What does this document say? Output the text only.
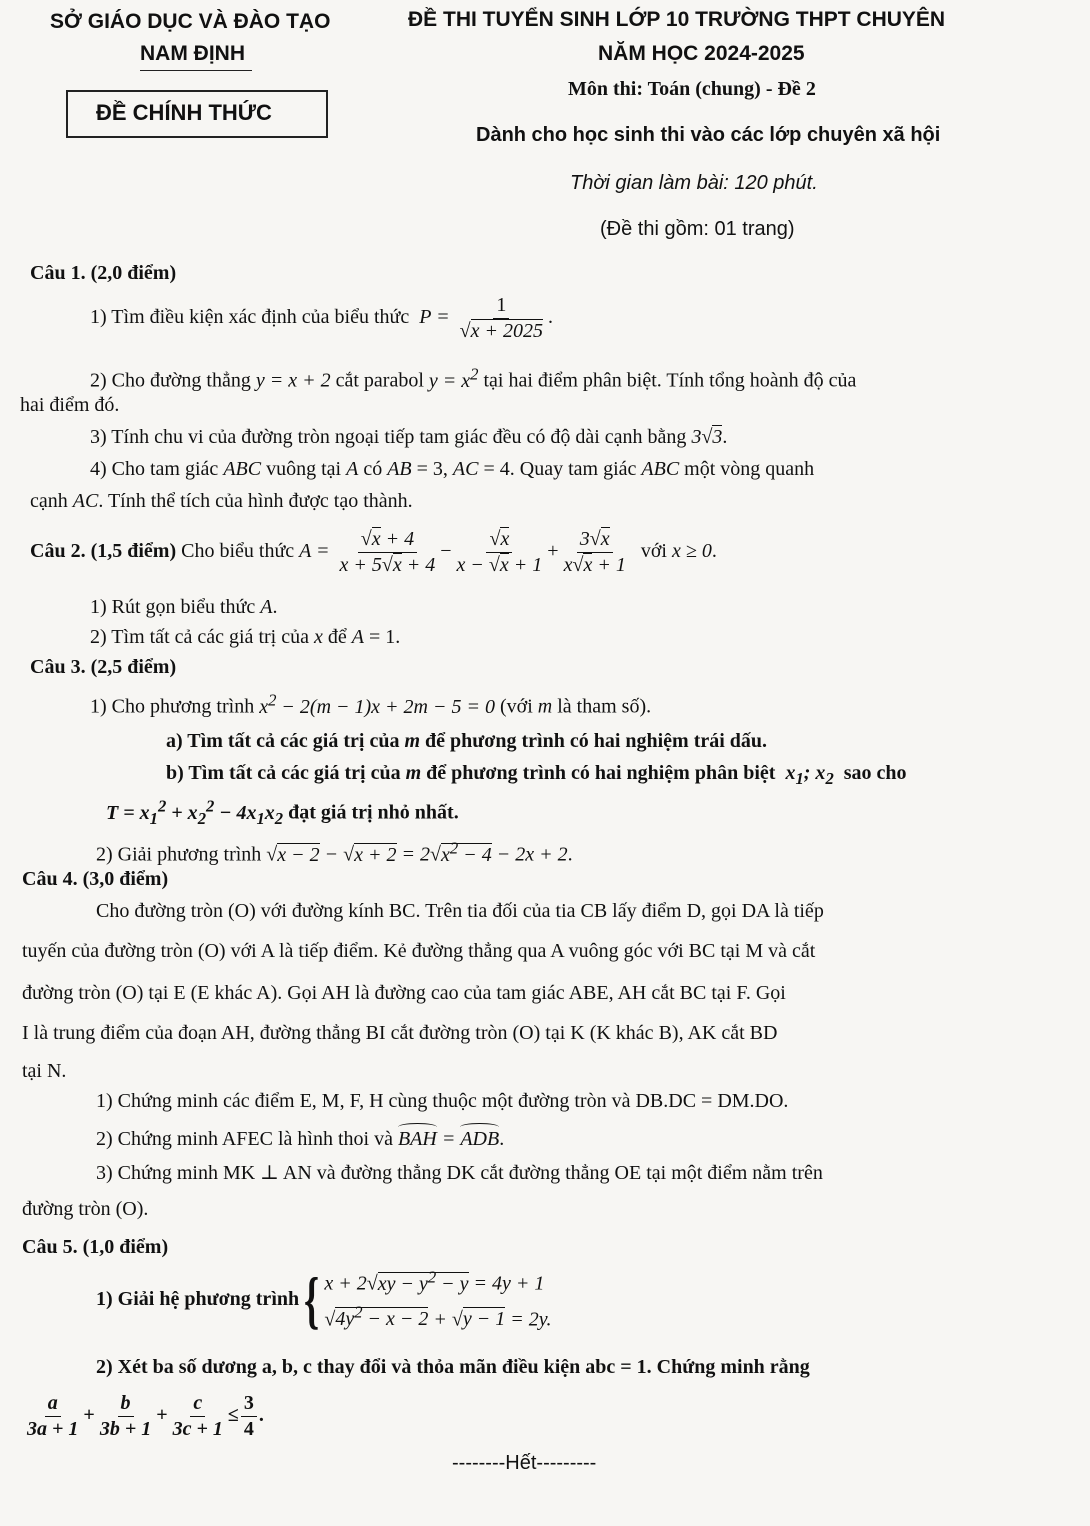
SỞ GIÁO DỤC VÀ ĐÀO TẠO
NAM ĐỊNH
ĐỀ CHÍNH THỨC
ĐỀ THI TUYỂN SINH LỚP 10 TRƯỜNG THPT CHUYÊN
NĂM HỌC 2024-2025
Môn thi: Toán (chung) - Đề 2
Dành cho học sinh thi vào các lớp chuyên xã hội
Thời gian làm bài: 120 phút.
(Đề thi gồm: 01 trang)
Câu 1. (2,0 điểm)
1) Tìm điều kiện xác định của biểu thức  $P = \frac{1}{√x + 2025}$ .
2) Cho đường thẳng y = x + 2 cắt parabol $y = x^2$ tại hai điểm phân biệt. Tính tổng hoành độ của
hai điểm đó.
3) Tính chu vi của đường tròn ngoại tiếp tam giác đều có độ dài cạnh bằng 3√3.
4) Cho tam giác ABC vuông tại A có AB = 3, AC = 4. Quay tam giác ABC một vòng quanh
cạnh AC. Tính thể tích của hình được tạo thành.
Câu 2. (1,5 điểm) Cho biểu thức $A = \frac{√x + 4}{x + 5√x + 4} - \frac{√x}{x - √x + 1} + \frac{3√x}{x√x + 1}$ với x ≥ 0.
1) Rút gọn biểu thức A.
2) Tìm tất cả các giá trị của x để A = 1.
Câu 3. (2,5 điểm)
1) Cho phương trình $x^2 - 2(m - 1)x + 2m - 5 = 0$ (với m là tham số).
a) Tìm tất cả các giá trị của m để phương trình có hai nghiệm trái dấu.
b) Tìm tất cả các giá trị của m để phương trình có hai nghiệm phân biệt $x_1$; $x_2$ sao cho
$T = x_1^2 + x_2^2 - 4x_1x_2$ đạt giá trị nhỏ nhất.
2) Giải phương trình $√x - 2 - √x + 2 = 2√x^2 - 4 - 2x + 2$.
Câu 4. (3,0 điểm)
Cho đường tròn (O) với đường kính BC. Trên tia đối của tia CB lấy điểm D, gọi DA là tiếp
tuyến của đường tròn (O) với A là tiếp điểm. Kẻ đường thẳng qua A vuông góc với BC tại M và cắt
đường tròn (O) tại E (E khác A). Gọi AH là đường cao của tam giác ABE, AH cắt BC tại F. Gọi
I là trung điểm của đoạn AH, đường thẳng BI cắt đường tròn (O) tại K (K khác B), AK cắt BD
tại N.
1) Chứng minh các điểm E, M, F, H cùng thuộc một đường tròn và DB.DC = DM.DO.
2) Chứng minh AFEC là hình thoi và BAH = ADB.
3) Chứng minh MK ⊥ AN và đường thẳng DK cắt đường thẳng OE tại một điểm nằm trên
đường tròn (O).
Câu 5. (1,0 điểm)
1) Giải hệ phương trình { $x + 2√xy - y^2 - y = 4y + 1$
$√4y^2 - x - 2 + √y - 1 = 2y$.
2) Xét ba số dương a, b, c thay đổi và thỏa mãn điều kiện abc = 1. Chứng minh rằng
$\frac{a}{3a + 1} + \frac{b}{3b + 1} + \frac{c}{3c + 1} \le \frac{3}{4}$ .
--------Hết---------
